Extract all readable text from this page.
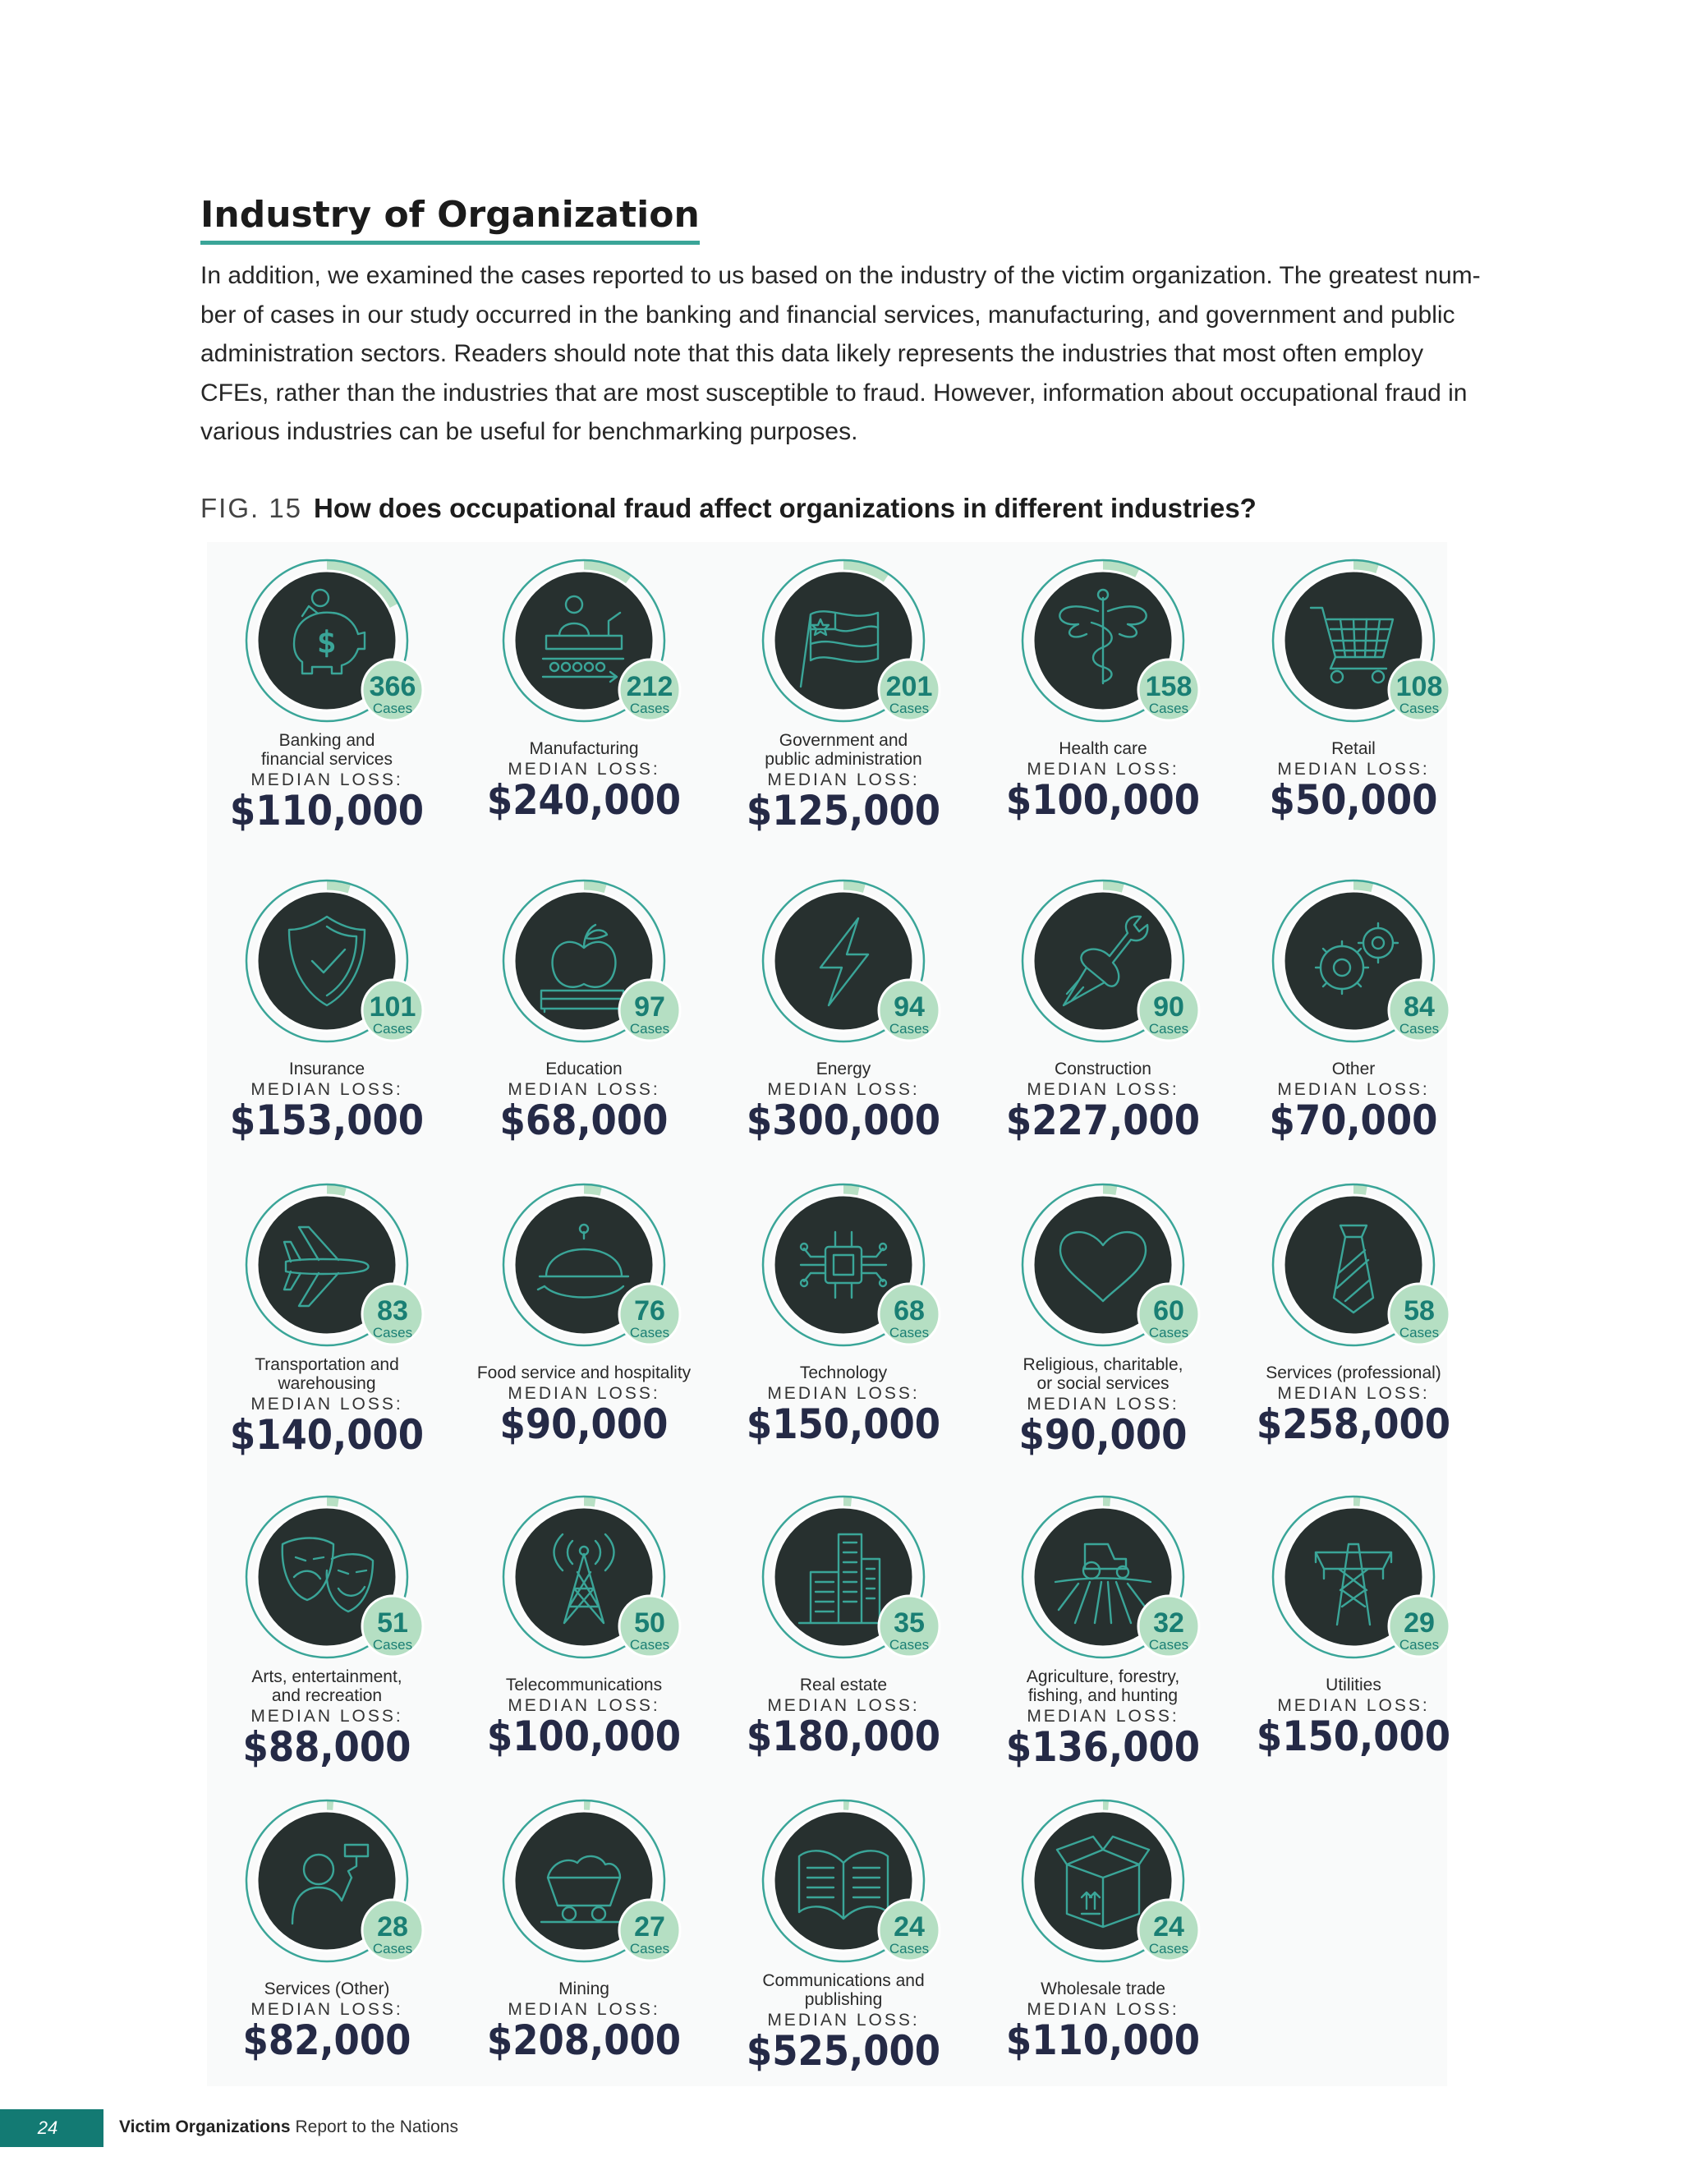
Industry of Organization

In addition, we examined the cases reported to us based on the industry of the victim organization. The greatest num-
ber of cases in our study occurred in the banking and financial services, manufacturing, and government and public
administration sectors. Readers should note that this data likely represents the industries that most often employ
CFEs, rather than the industries that are most susceptible to fraud. However, information about occupational fraud in
various industries can be useful for benchmarking purposes.

FIG. 15 How does occupational fraud affect organizations in different industries?
$
366
Cases
Banking and
financial services
MEDIAN LOSS:
$110,000
212
Cases
Manufacturing
MEDIAN LOSS:
$240,000
201
Cases
Government and
public administration
MEDIAN LOSS:
$125,000
158
Cases
Health care
MEDIAN LOSS:
$100,000
108
Cases
Retail
MEDIAN LOSS:
$50,000
101
Cases
Insurance
MEDIAN LOSS:
$153,000
97
Cases
Education
MEDIAN LOSS:
$68,000
94
Cases
Energy
MEDIAN LOSS:
$300,000
90
Cases
Construction
MEDIAN LOSS:
$227,000
84
Cases
Other
MEDIAN LOSS:
$70,000
83
Cases
Transportation and
warehousing
MEDIAN LOSS:
$140,000
76
Cases
Food service and hospitality
MEDIAN LOSS:
$90,000
68
Cases
Technology
MEDIAN LOSS:
$150,000
60
Cases
Religious, charitable,
or social services
MEDIAN LOSS:
$90,000
58
Cases
Services (professional)
MEDIAN LOSS:
$258,000
51
Cases
Arts, entertainment,
and recreation
MEDIAN LOSS:
$88,000
50
Cases
Telecommunications
MEDIAN LOSS:
$100,000
35
Cases
Real estate
MEDIAN LOSS:
$180,000
32
Cases
Agriculture, forestry,
fishing, and hunting
MEDIAN LOSS:
$136,000
29
Cases
Utilities
MEDIAN LOSS:
$150,000
28
Cases
Services (Other)
MEDIAN LOSS:
$82,000
27
Cases
Mining
MEDIAN LOSS:
$208,000
24
Cases
Communications and
publishing
MEDIAN LOSS:
$525,000
24
Cases
Wholesale trade
MEDIAN LOSS:
$110,000
24	Victim Organizations Report to the Nations
